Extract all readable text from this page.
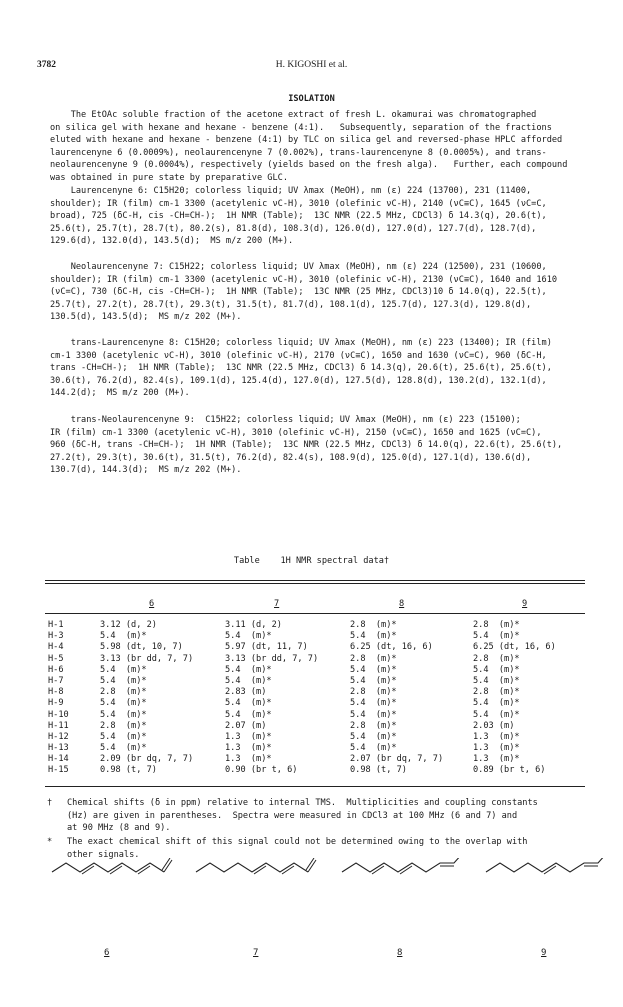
3782	H. KIGOSHI et al.
ISOLATION
The EtOAc soluble fraction of the acetone extract of fresh L. okamurai was chromatographed
on silica gel with hexane and hexane - benzene (4:1).   Subsequently, separation of the fractions
eluted with hexane and hexane - benzene (4:1) by TLC on silica gel and reversed-phase HPLC afforded
laurencenyne 6 (0.0009%), neolaurencenyne 7 (0.002%), trans-laurencenyne 8 (0.0005%), and trans-
neolaurencenyne 9 (0.0004%), respectively (yields based on the fresh alga).   Further, each compound
was obtained in pure state by preparative GLC.
Laurencenyne 6: C15H20; colorless liquid; UV λmax (MeOH), nm (ε) 224 (13700), 231 (11400,
shoulder); IR (film) cm-1 3300 (acetylenic νC-H), 3010 (olefinic νC-H), 2140 (νC≡C), 1645 (νC=C,
broad), 725 (δC-H, cis -CH=CH-);  1H NMR (Table);  13C NMR (22.5 MHz, CDCl3) δ 14.3(q), 20.6(t),
25.6(t), 25.7(t), 28.7(t), 80.2(s), 81.8(d), 108.3(d), 126.0(d), 127.0(d), 127.7(d), 128.7(d),
129.6(d), 132.0(d), 143.5(d);  MS m/z 200 (M+).
Neolaurencenyne 7: C15H22; colorless liquid; UV λmax (MeOH), nm (ε) 224 (12500), 231 (10600,
shoulder); IR (film) cm-1 3300 (acetylenic νC-H), 3010 (olefinic νC-H), 2130 (νC≡C), 1640 and 1610
(νC=C), 730 (δC-H, cis -CH=CH-);  1H NMR (Table);  13C NMR (25 MHz, CDCl3)10 δ 14.0(q), 22.5(t),
25.7(t), 27.2(t), 28.7(t), 29.3(t), 31.5(t), 81.7(d), 108.1(d), 125.7(d), 127.3(d), 129.8(d),
130.5(d), 143.5(d);  MS m/z 202 (M+).
trans-Laurencenyne 8: C15H20; colorless liquid; UV λmax (MeOH), nm (ε) 223 (13400); IR (film)
cm-1 3300 (acetylenic νC-H), 3010 (olefinic νC-H), 2170 (νC≡C), 1650 and 1630 (νC=C), 960 (δC-H,
trans -CH=CH-);  1H NMR (Table);  13C NMR (22.5 MHz, CDCl3) δ 14.3(q), 20.6(t), 25.6(t), 25.6(t),
30.6(t), 76.2(d), 82.4(s), 109.1(d), 125.4(d), 127.0(d), 127.5(d), 128.8(d), 130.2(d), 132.1(d),
144.2(d);  MS m/z 200 (M+).
trans-Neolaurencenyne 9:  C15H22; colorless liquid; UV λmax (MeOH), nm (ε) 223 (15100);
IR (film) cm-1 3300 (acetylenic νC-H), 3010 (olefinic νC-H), 2150 (νC≡C), 1650 and 1625 (νC=C),
960 (δC-H, trans -CH=CH-);  1H NMR (Table);  13C NMR (22.5 MHz, CDCl3) δ 14.0(q), 22.6(t), 25.6(t),
27.2(t), 29.3(t), 30.6(t), 31.5(t), 76.2(d), 82.4(s), 108.9(d), 125.0(d), 127.1(d), 130.6(d),
130.7(d), 144.3(d);  MS m/z 202 (M+).
Table    1H NMR spectral data†
6	7	8	9
H-1	3.12 (d, 2)	3.11 (d, 2)	2.8  (m)*	2.8  (m)*
H-3	5.4  (m)*	5.4  (m)*	5.4  (m)*	5.4  (m)*
H-4	5.98 (dt, 10, 7)	5.97 (dt, 11, 7)	6.25 (dt, 16, 6)	6.25 (dt, 16, 6)
H-5	3.13 (br dd, 7, 7)	3.13 (br dd, 7, 7)	2.8  (m)*	2.8  (m)*
H-6	5.4  (m)*	5.4  (m)*	5.4  (m)*	5.4  (m)*
H-7	5.4  (m)*	5.4  (m)*	5.4  (m)*	5.4  (m)*
H-8	2.8  (m)*	2.83 (m)	2.8  (m)*	2.8  (m)*
H-9	5.4  (m)*	5.4  (m)*	5.4  (m)*	5.4  (m)*
H-10	5.4  (m)*	5.4  (m)*	5.4  (m)*	5.4  (m)*
H-11	2.8  (m)*	2.07 (m)	2.8  (m)*	2.03 (m)
H-12	5.4  (m)*	1.3  (m)*	5.4  (m)*	1.3  (m)*
H-13	5.4  (m)*	1.3  (m)*	5.4  (m)*	1.3  (m)*
H-14	2.09 (br dq, 7, 7)	1.3  (m)*	2.07 (br dq, 7, 7)	1.3  (m)*
H-15	0.98 (t, 7)	0.90 (br t, 6)	0.98 (t, 7)	0.89 (br t, 6)
† Chemical shifts (δ in ppm) relative to internal TMS.  Multiplicities and coupling constants
(Hz) are given in parentheses.  Spectra were measured in CDCl3 at 100 MHz (6 and 7) and
at 90 MHz (8 and 9).
* The exact chemical shift of this signal could not be determined owing to the overlap with
other signals.
6	7	8	9
